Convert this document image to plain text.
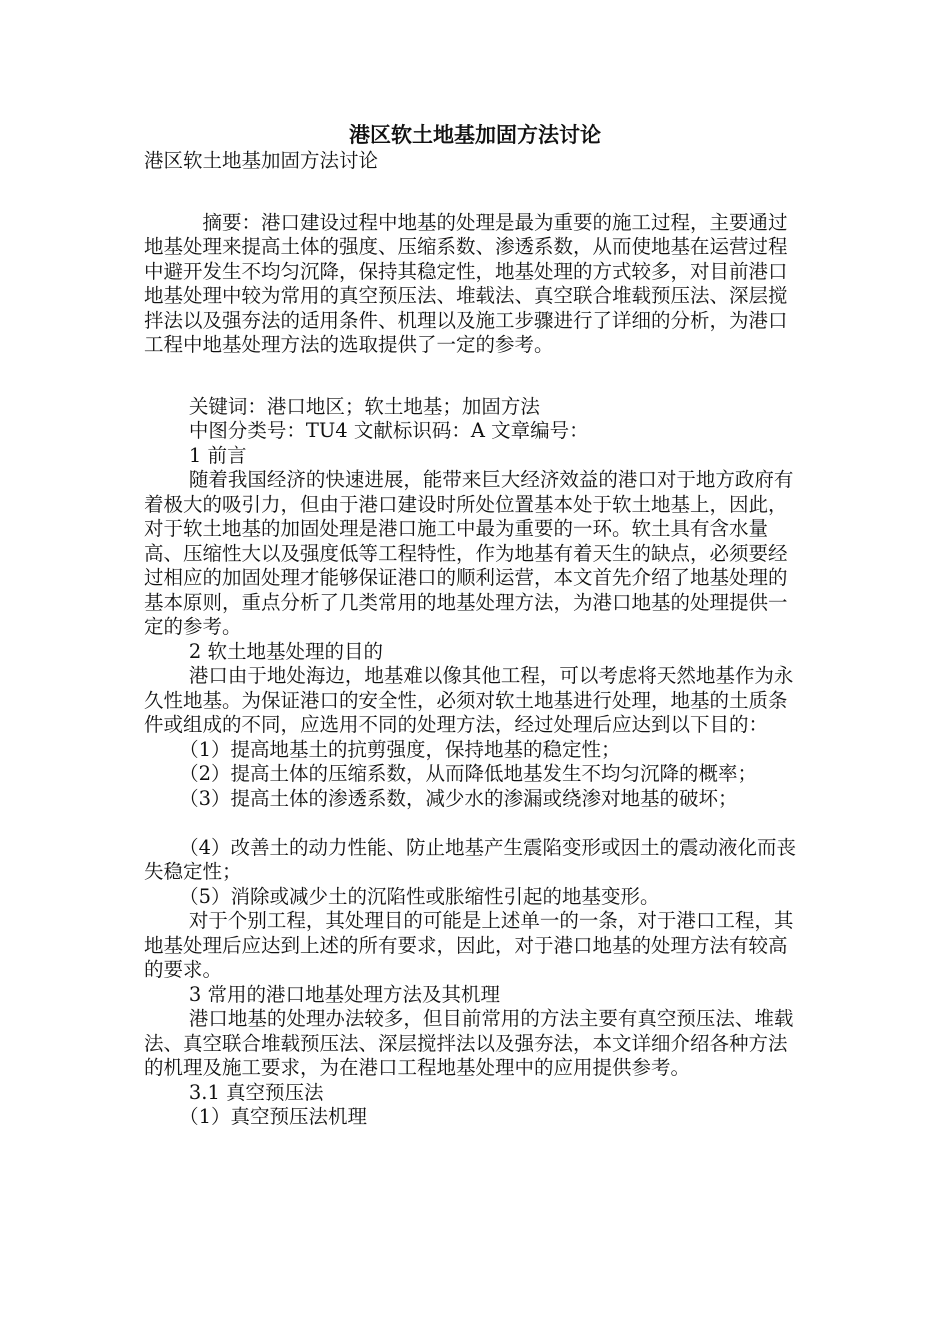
港区软土地基加固方法讨论

港区软土地基加固方法讨论

摘要：港口建设过程中地基的处理是最为重要的施工过程，主要通过地基处理来提高土体的强度、压缩系数、渗透系数，从而使地基在运营过程中避开发生不均匀沉降，保持其稳定性，地基处理的方式较多，对目前港口地基处理中较为常用的真空预压法、堆载法、真空联合堆载预压法、深层搅拌法以及强夯法的适用条件、机理以及施工步骤进行了详细的分析，为港口工程中地基处理方法的选取提供了一定的参考。

关键词：港口地区；软土地基；加固方法

中图分类号：TU4 文献标识码：A 文章编号：

1 前言

随着我国经济的快速进展，能带来巨大经济效益的港口对于地方政府有着极大的吸引力，但由于港口建设时所处位置基本处于软土地基上，因此，对于软土地基的加固处理是港口施工中最为重要的一环。软土具有含水量高、压缩性大以及强度低等工程特性，作为地基有着天生的缺点，必须要经过相应的加固处理才能够保证港口的顺利运营，本文首先介绍了地基处理的基本原则，重点分析了几类常用的地基处理方法，为港口地基的处理提供一定的参考。

2 软土地基处理的目的

港口由于地处海边，地基难以像其他工程，可以考虑将天然地基作为永久性地基。为保证港口的安全性，必须对软土地基进行处理，地基的土质条件或组成的不同，应选用不同的处理方法，经过处理后应达到以下目的：

（1）提高地基土的抗剪强度，保持地基的稳定性；

（2）提高土体的压缩系数，从而降低地基发生不均匀沉降的概率；

（3）提高土体的渗透系数，减少水的渗漏或绕渗对地基的破坏；

（4）改善土的动力性能、防止地基产生震陷变形或因土的震动液化而丧失稳定性；

（5）消除或减少土的沉陷性或胀缩性引起的地基变形。

对于个别工程，其处理目的可能是上述单一的一条，对于港口工程，其地基处理后应达到上述的所有要求，因此，对于港口地基的处理方法有较高的要求。

3 常用的港口地基处理方法及其机理

港口地基的处理办法较多，但目前常用的方法主要有真空预压法、堆载法、真空联合堆载预压法、深层搅拌法以及强夯法，本文详细介绍各种方法的机理及施工要求，为在港口工程地基处理中的应用提供参考。

3.1 真空预压法

（1）真空预压法机理
